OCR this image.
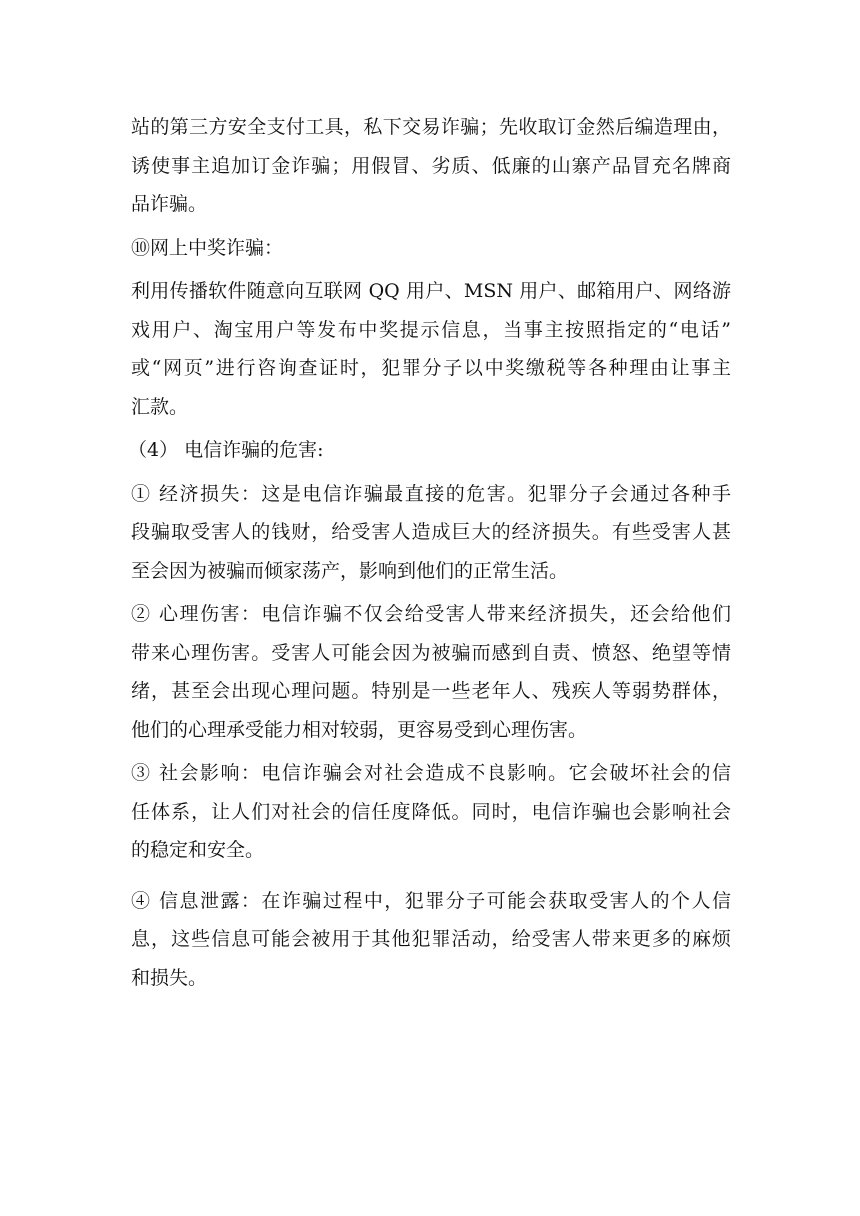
站的第三方安全支付工具，私下交易诈骗；先收取订金然后编造理由，
诱使事主追加订金诈骗；用假冒、劣质、低廉的山寨产品冒充名牌商
品诈骗。
⑩网上中奖诈骗：
利用传播软件随意向互联网 QQ 用户、MSN 用户、邮箱用户、网络游
戏用户、淘宝用户等发布中奖提示信息，当事主按照指定的“电话”
或“网页”进行咨询查证时，犯罪分子以中奖缴税等各种理由让事主
汇款。
（4） 电信诈骗的危害:
① 经济损失：这是电信诈骗最直接的危害。犯罪分子会通过各种手
段骗取受害人的钱财，给受害人造成巨大的经济损失。有些受害人甚
至会因为被骗而倾家荡产，影响到他们的正常生活。
② 心理伤害：电信诈骗不仅会给受害人带来经济损失，还会给他们
带来心理伤害。受害人可能会因为被骗而感到自责、愤怒、绝望等情
绪，甚至会出现心理问题。特别是一些老年人、残疾人等弱势群体，
他们的心理承受能力相对较弱，更容易受到心理伤害。
③ 社会影响：电信诈骗会对社会造成不良影响。它会破坏社会的信
任体系，让人们对社会的信任度降低。同时，电信诈骗也会影响社会
的稳定和安全。
④ 信息泄露：在诈骗过程中，犯罪分子可能会获取受害人的个人信
息，这些信息可能会被用于其他犯罪活动，给受害人带来更多的麻烦
和损失。
